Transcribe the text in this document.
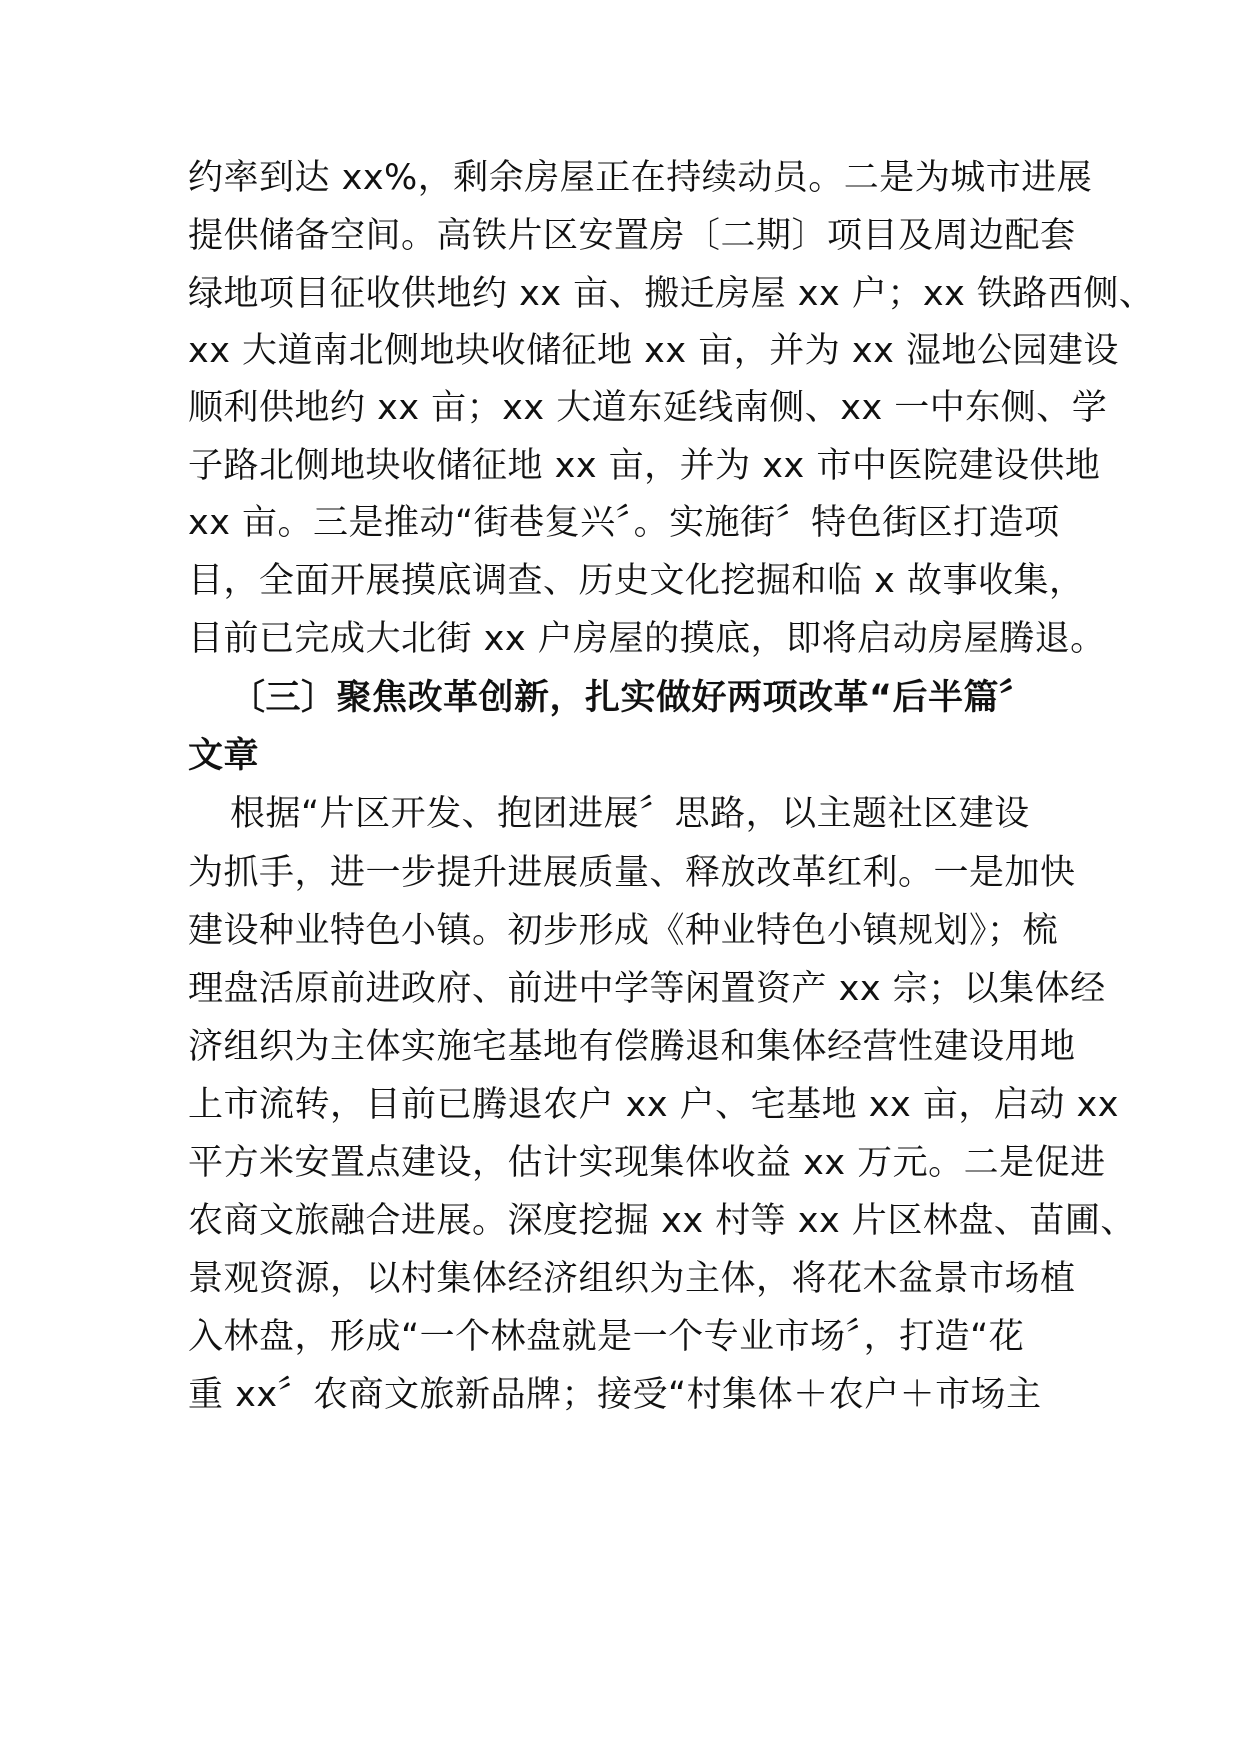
约率到达 xx%，剩余房屋正在持续动员。二是为城市进展
提供储备空间。高铁片区安置房〔二期〕项目及周边配套
绿地项目征收供地约 xx 亩、搬迁房屋 xx 户；xx 铁路西侧、
xx 大道南北侧地块收储征地 xx 亩，并为 xx 湿地公园建设
顺利供地约 xx 亩；xx 大道东延线南侧、xx 一中东侧、学
子路北侧地块收储征地 xx 亩，并为 xx 市中医院建设供地
xx 亩。三是推动“街巷复兴〞。实施街〞特色街区打造项
目，全面开展摸底调查、历史文化挖掘和临 x 故事收集，
目前已完成大北街 xx 户房屋的摸底，即将启动房屋腾退。
〔三〕聚焦改革创新，扎实做好两项改革“后半篇〞
文章
根据“片区开发、抱团进展〞思路，以主题社区建设
为抓手，进一步提升进展质量、释放改革红利。一是加快
建设种业特色小镇。初步形成《种业特色小镇规划》；梳
理盘活原前进政府、前进中学等闲置资产 xx 宗；以集体经
济组织为主体实施宅基地有偿腾退和集体经营性建设用地
上市流转，目前已腾退农户 xx 户、宅基地 xx 亩，启动 xx
平方米安置点建设，估计实现集体收益 xx 万元。二是促进
农商文旅融合进展。深度挖掘 xx 村等 xx 片区林盘、苗圃、
景观资源，以村集体经济组织为主体，将花木盆景市场植
入林盘，形成“一个林盘就是一个专业市场〞，打造“花
重 xx〞农商文旅新品牌；接受“村集体＋农户＋市场主
